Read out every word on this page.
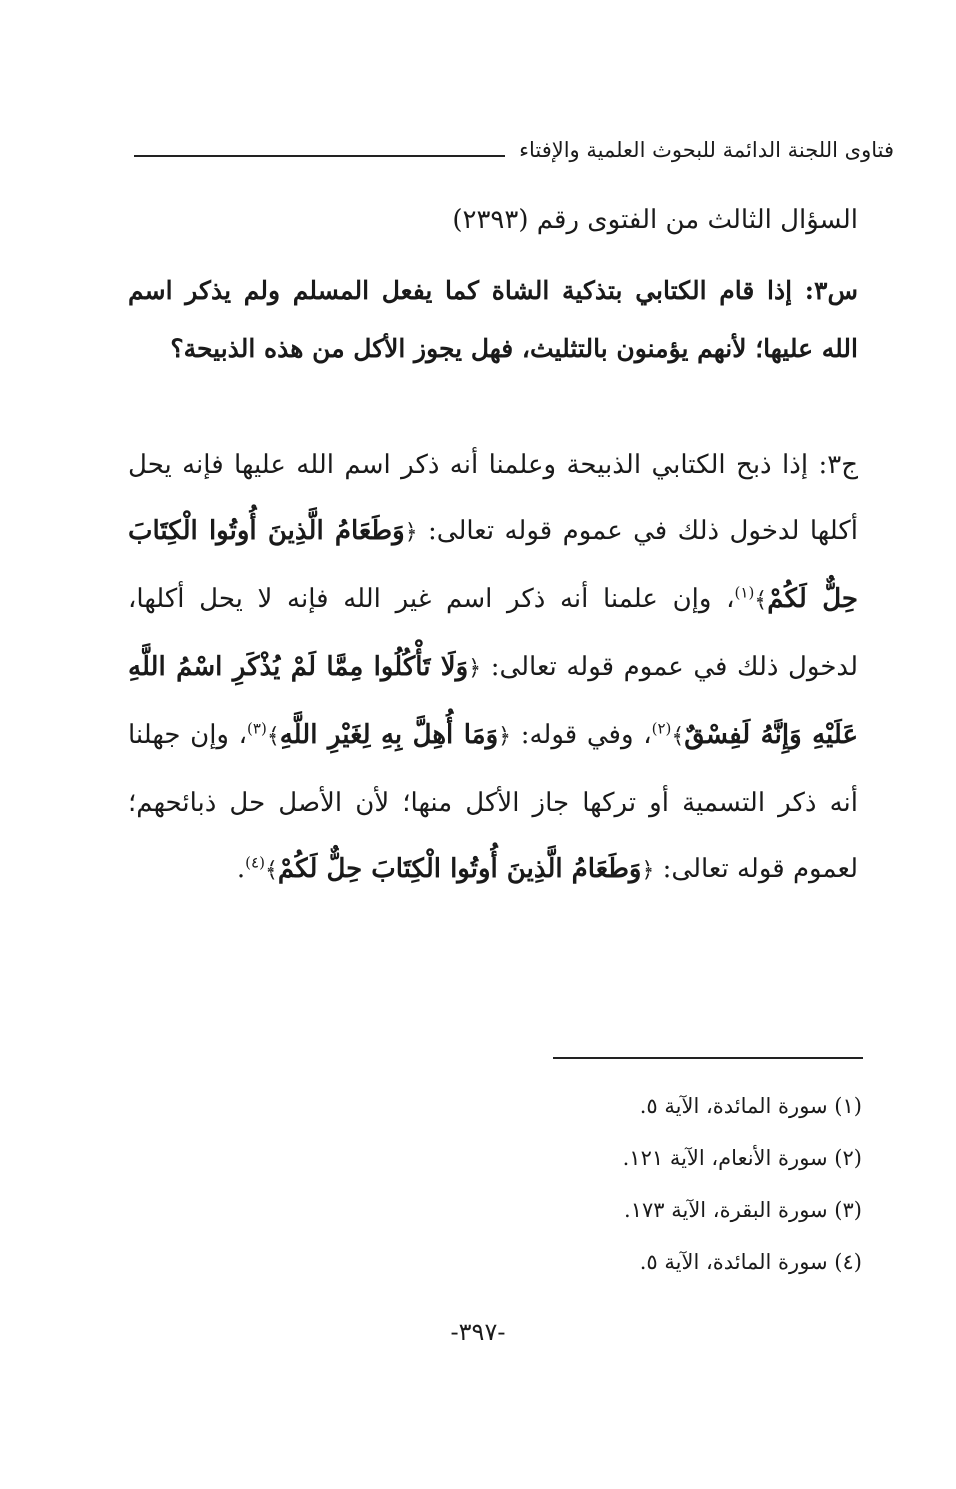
فتاوى اللجنة الدائمة للبحوث العلمية والإفتاء
السؤال الثالث من الفتوى رقم (٢٣٩٣)
س٣: إذا قام الكتابي بتذكية الشاة كما يفعل المسلم ولم يذكر اسم الله عليها؛ لأنهم يؤمنون بالتثليث، فهل يجوز الأكل من هذه الذبيحة؟
ج٣: إذا ذبح الكتابي الذبيحة وعلمنا أنه ذكر اسم الله عليها فإنه يحل أكلها لدخول ذلك في عموم قوله تعالى: ﴿وَطَعَامُ الَّذِينَ أُوتُوا الْكِتَابَ حِلٌّ لَكُمْ﴾$^{(١)}$، وإن علمنا أنه ذكر اسم غير الله فإنه لا يحل أكلها، لدخول ذلك في عموم قوله تعالى: ﴿وَلَا تَأْكُلُوا مِمَّا لَمْ يُذْكَرِ اسْمُ اللَّهِ عَلَيْهِ وَإِنَّهُ لَفِسْقٌ﴾$^{(٢)}$، وفي قوله: ﴿وَمَا أُهِلَّ بِهِ لِغَيْرِ اللَّهِ﴾$^{(٣)}$، وإن جهلنا أنه ذكر التسمية أو تركها جاز الأكل منها؛ لأن الأصل حل ذبائحهم؛ لعموم قوله تعالى: ﴿وَطَعَامُ الَّذِينَ أُوتُوا الْكِتَابَ حِلٌّ لَكُمْ﴾$^{(٤)}$.
(١) سورة المائدة، الآية ٥.
(٢) سورة الأنعام، الآية ١٢١.
(٣) سورة البقرة، الآية ١٧٣.
(٤) سورة المائدة، الآية ٥.
-٣٩٧-
